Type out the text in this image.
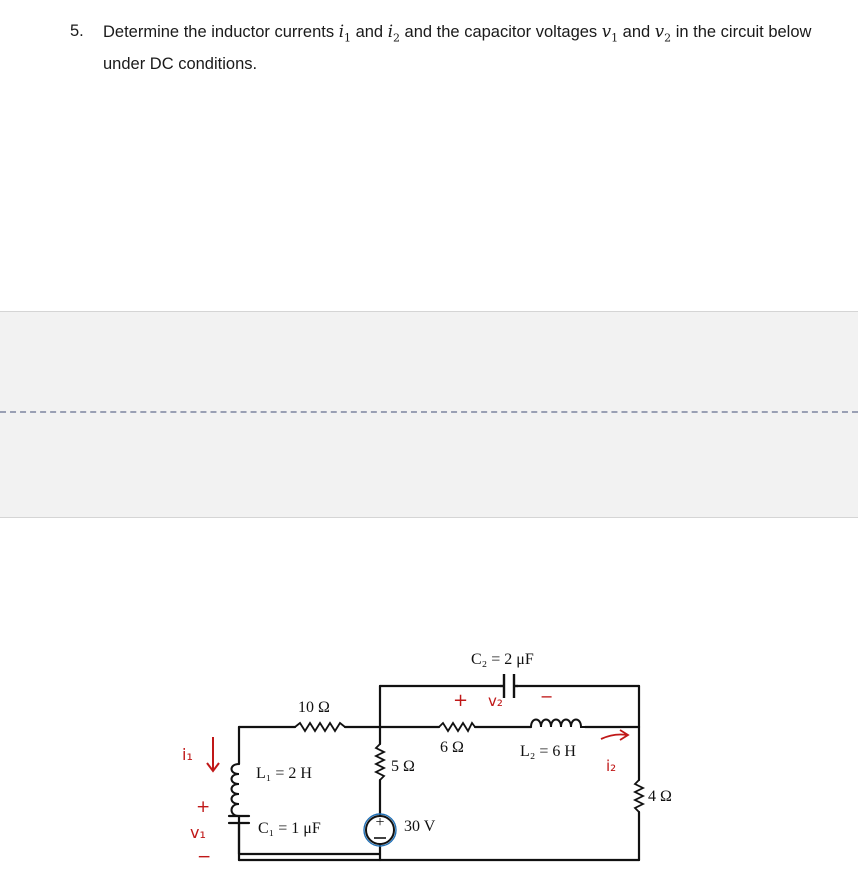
5. Determine the inductor currents $i_1$ and $i_2$ and the capacitor voltages $v_1$ and $v_2$ in the circuit below under DC conditions.
+
10 Ω
6 Ω
5 Ω
4 Ω
L₁ = 2 H
L₂ = 6 H
C₁ = 1 μF
C₂ = 2 μF
30 V
i₁
+
v₁
−
+ v₂ −
i₂
